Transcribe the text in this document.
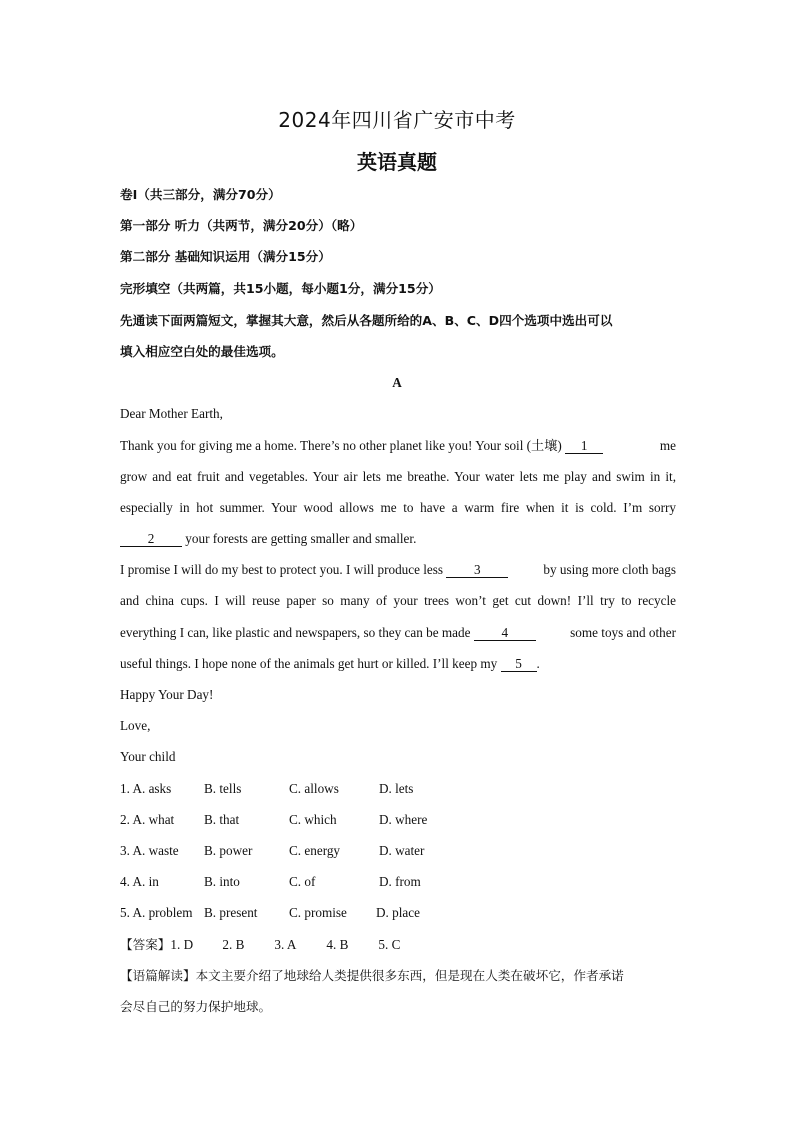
2024年四川省广安市中考
英语真题
卷Ⅰ（共三部分，满分70分）
第一部分 听力（共两节，满分20分）（略）
第二部分 基础知识运用（满分15分）
完形填空（共两篇，共15小题，每小题1分，满分15分）
先通读下面两篇短文，掌握其大意，然后从各题所给的A、B、C、D四个选项中选出可以
填入相应空白处的最佳选项。
A
Dear Mother Earth,
Thank you for giving me a home. There’s no other planet like you! Your soil (土壤) 1	me
grow and eat fruit and vegetables. Your air lets me breathe. Your water lets me play and swim in it,
especially in hot summer. Your wood allows me to have a warm fire when it is cold. I’m sorry
2 your forests are getting smaller and smaller.
I promise I will do my best to protect you. I will produce less 3	by using more cloth bags
and china cups. I will reuse paper so many of your trees won’t get cut down! I’ll try to recycle
everything I can, like plastic and newspapers, so they can be made 4	some toys and other
useful things. I hope none of the animals get hurt or killed. I’ll keep my 5 .
Happy Your Day!
Love,
Your child
1. A. asks B. tells	C. allows	D. lets
2. A. what B. that	C. which	D. where
3. A. waste B. power	C. energy	D. water
4. A. in	B. into	C. of	D. from
5. A. problem B. present C. promise D. place
【答案】1. D 2. B 3. A 4. B 5. C
【语篇解读】本文主要介绍了地球给人类提供很多东西，但是现在人类在破坏它，作者承诺
会尽自己的努力保护地球。
